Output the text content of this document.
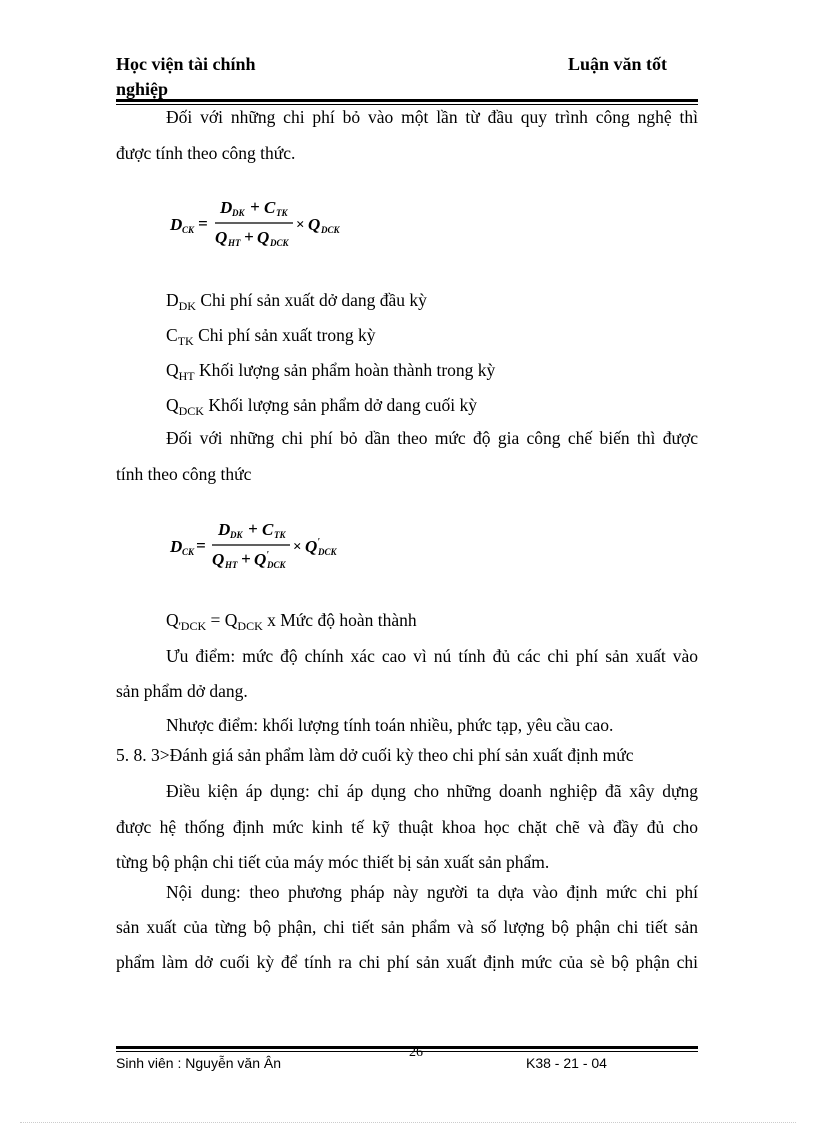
Học viện tài chính
nghiệp
Luận văn tốt
Đối với những chi phí bỏ vào một lần từ đầu quy trình công nghệ thì
được tính theo công thức.
D CK =
D DK + C TK
Q HT + Q DCK
× Q DCK
$D_{DK}$ Chi phí sản xuất dở dang đầu kỳ
$C_{TK}$ Chi phí sản xuất trong kỳ
$Q_{HT}$ Khối lượng sản phẩm hoàn thành trong kỳ
$Q_{DCK}$ Khối lượng sản phẩm dở dang cuối kỳ
Đối với những chi phí bỏ dần theo mức độ gia công chế biến thì được
tính theo công thức
D CK =
D DK + C TK
Q HT + Q '
DCK
× Q '
DCK
$Q_{'DCK} = Q_{DCK}$ x Mức độ hoàn thành
Ưu điểm: mức độ chính xác cao vì nú tính đủ các chi phí sản xuất vào
sản phẩm dở dang.
Nhược điểm: khối lượng tính toán nhiều, phức tạp, yêu cầu cao.
5. 8. 3>Đánh giá sản phẩm làm dở cuối kỳ theo chi phí sản xuất định mức
Điều kiện áp dụng: chỉ áp dụng cho những doanh nghiệp đã xây dựng
được hệ thống định mức kinh tế kỹ thuật khoa học chặt chẽ và đầy đủ cho
từng bộ phận chi tiết của máy móc thiết bị sản xuất sản phẩm.
Nội dung: theo phương pháp này người ta dựa vào định mức chi phí
sản xuất của từng bộ phận, chi tiết sản phẩm và số lượng bộ phận chi tiết sản
phẩm làm dở cuối kỳ để tính ra chi phí sản xuất định mức của sè bộ phận chi
Sinh viên : Nguyễn văn Ân
26
K38 - 21 - 04
